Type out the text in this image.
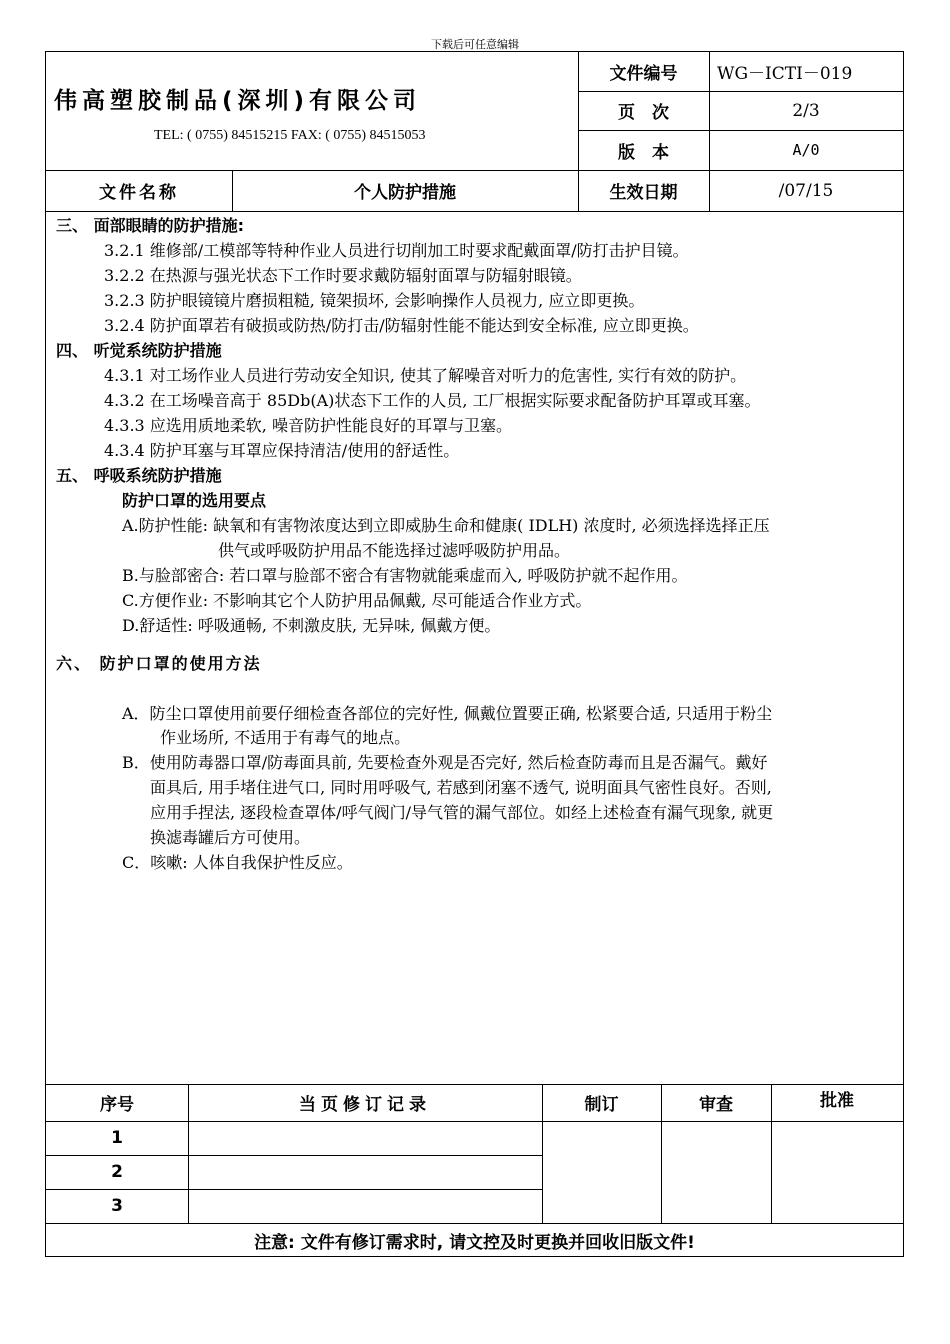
下载后可任意编辑
伟高塑胶制品(深圳)有限公司
TEL: ( 0755) 84515215 FAX: ( 0755) 84515053
文件编号	WG－ICTI－019
页　次	2/3
版　本	A/0
文件名称	个人防护措施	生效日期	/07/15
三、 面部眼睛的防护措施:
3.2.1 维修部/工模部等特种作业人员进行切削加工时要求配戴面罩/防打击护目镜。
3.2.2 在热源与强光状态下工作时要求戴防辐射面罩与防辐射眼镜。
3.2.3 防护眼镜镜片磨损粗糙, 镜架损坏, 会影响操作人员视力, 应立即更换。
3.2.4 防护面罩若有破损或防热/防打击/防辐射性能不能达到安全标准, 应立即更换。
四、 听觉系统防护措施
4.3.1 对工场作业人员进行劳动安全知识, 使其了解噪音对听力的危害性, 实行有效的防护。
4.3.2 在工场噪音高于 85Db(A)状态下工作的人员, 工厂根据实际要求配备防护耳罩或耳塞。
4.3.3 应选用质地柔软, 噪音防护性能良好的耳罩与卫塞。
4.3.4 防护耳塞与耳罩应保持清洁/使用的舒适性。
五、 呼吸系统防护措施
防护口罩的选用要点
A.防护性能: 缺氧和有害物浓度达到立即威胁生命和健康( IDLH) 浓度时, 必须选择选择正压
供气或呼吸防护用品不能选择过滤呼吸防护用品。
B.与脸部密合: 若口罩与脸部不密合有害物就能乘虚而入, 呼吸防护就不起作用。
C.方便作业: 不影响其它个人防护用品佩戴, 尽可能适合作业方式。
D.舒适性: 呼吸通畅, 不刺激皮肤, 无异味, 佩戴方便。
六、 防护口罩的使用方法
A．防尘口罩使用前要仔细检查各部位的完好性, 佩戴位置要正确, 松紧要合适, 只适用于粉尘
作业场所, 不适用于有毒气的地点。
B．使用防毒器口罩/防毒面具前, 先要检查外观是否完好, 然后检查防毒而且是否漏气。戴好
面具后, 用手堵住进气口, 同时用呼吸气, 若感到闭塞不透气, 说明面具气密性良好。否则,
应用手捏法, 逐段检查罩体/呼气阀门/导气管的漏气部位。如经上述检查有漏气现象, 就更
换滤毒罐后方可使用。
C．咳嗽: 人体自我保护性反应。
序号	当页修订记录	制订	审查	批准
1
2
3
注意: 文件有修订需求时, 请文控及时更换并回收旧版文件!
